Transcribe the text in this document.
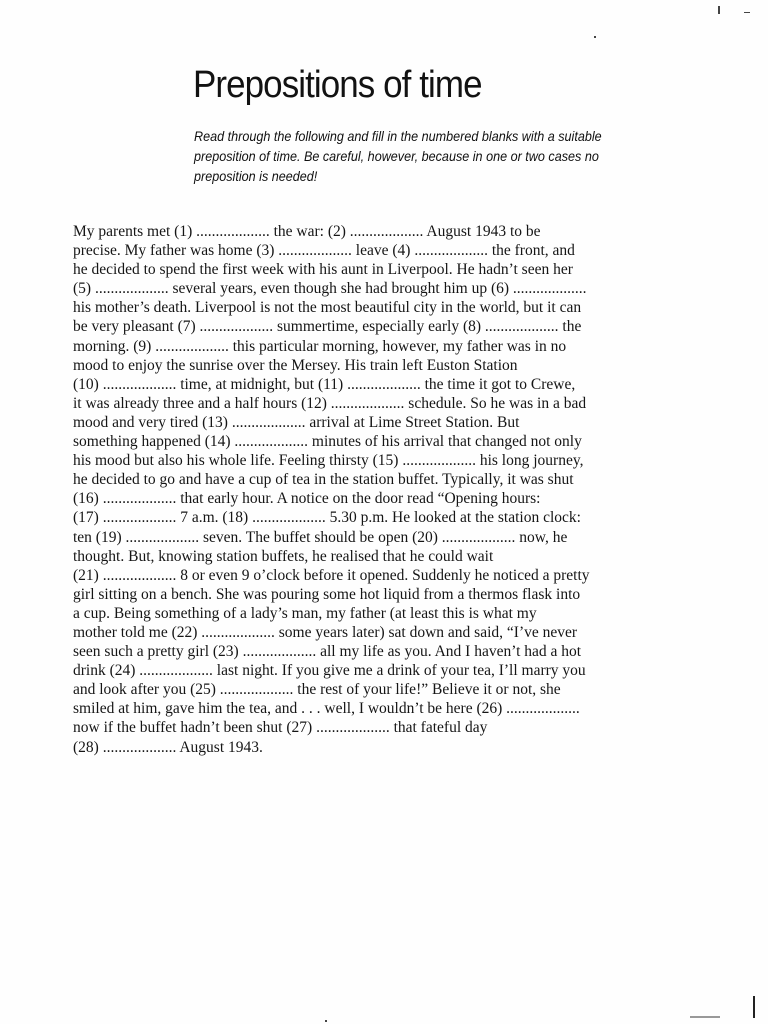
Prepositions of time
Read through the following and fill in the numbered blanks with a suitable
preposition of time. Be careful, however, because in one or two cases no
preposition is needed!
My parents met (1) ................... the war: (2) ................... August 1943 to be
precise. My father was home (3) ................... leave (4) ................... the front, and
he decided to spend the first week with his aunt in Liverpool. He hadn’t seen her
(5) ................... several years, even though she had brought him up (6) ...................
his mother’s death. Liverpool is not the most beautiful city in the world, but it can
be very pleasant (7) ................... summertime, especially early (8) ................... the
morning. (9) ................... this particular morning, however, my father was in no
mood to enjoy the sunrise over the Mersey. His train left Euston Station
(10) ................... time, at midnight, but (11) ................... the time it got to Crewe,
it was already three and a half hours (12) ................... schedule. So he was in a bad
mood and very tired (13) ................... arrival at Lime Street Station. But
something happened (14) ................... minutes of his arrival that changed not only
his mood but also his whole life. Feeling thirsty (15) ................... his long journey,
he decided to go and have a cup of tea in the station buffet. Typically, it was shut
(16) ................... that early hour. A notice on the door read “Opening hours:
(17) ................... 7 a.m. (18) ................... 5.30 p.m. He looked at the station clock:
ten (19) ................... seven. The buffet should be open (20) ................... now, he
thought. But, knowing station buffets, he realised that he could wait
(21) ................... 8 or even 9 o’clock before it opened. Suddenly he noticed a pretty
girl sitting on a bench. She was pouring some hot liquid from a thermos flask into
a cup. Being something of a lady’s man, my father (at least this is what my
mother told me (22) ................... some years later) sat down and said, “I’ve never
seen such a pretty girl (23) ................... all my life as you. And I haven’t had a hot
drink (24) ................... last night. If you give me a drink of your tea, I’ll marry you
and look after you (25) ................... the rest of your life!” Believe it or not, she
smiled at him, gave him the tea, and . . . well, I wouldn’t be here (26) ...................
now if the buffet hadn’t been shut (27) ................... that fateful day
(28) ................... August 1943.
